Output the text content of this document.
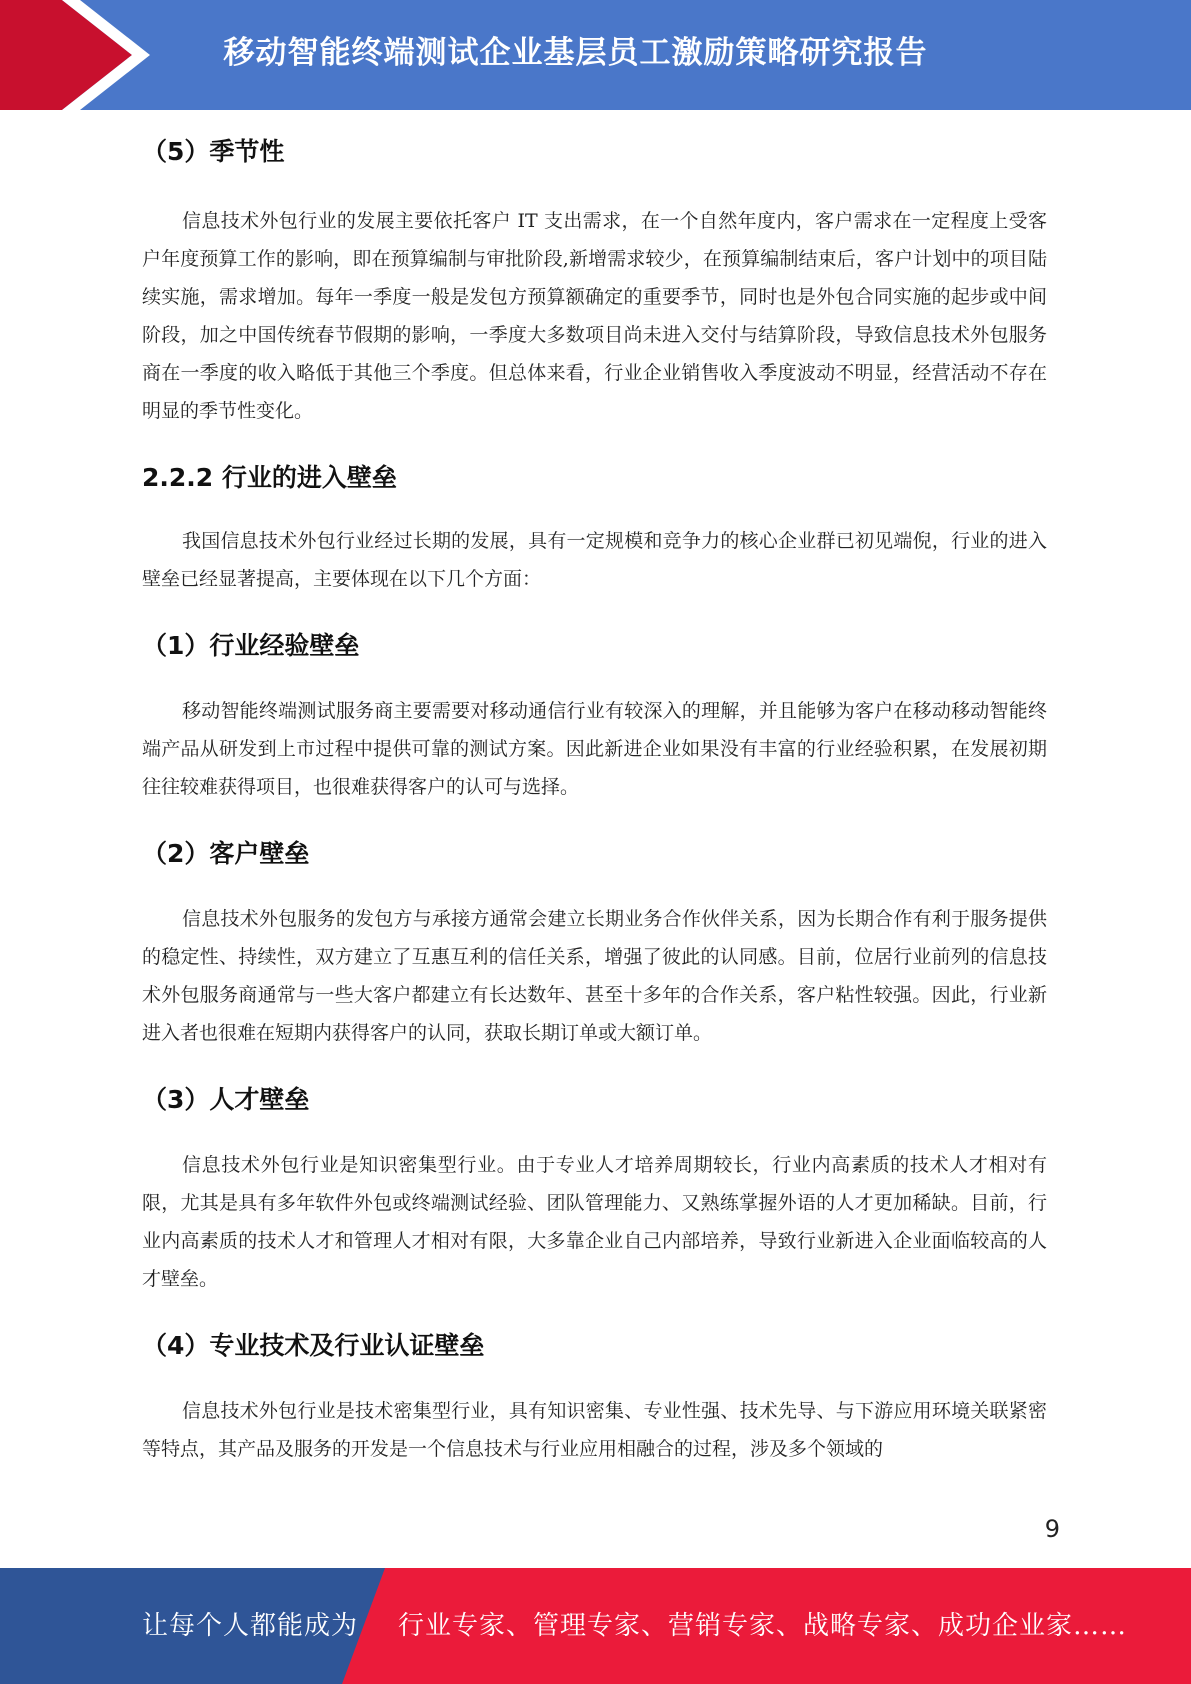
移动智能终端测试企业基层员工激励策略研究报告
（5）季节性

信息技术外包行业的发展主要依托客户 IT 支出需求，在一个自然年度内，客户需求在一定程度上受客户年度预算工作的影响，即在预算编制与审批阶段,新增需求较少，在预算编制结束后，客户计划中的项目陆续实施，需求增加。每年一季度一般是发包方预算额确定的重要季节，同时也是外包合同实施的起步或中间阶段，加之中国传统春节假期的影响，一季度大多数项目尚未进入交付与结算阶段，导致信息技术外包服务商在一季度的收入略低于其他三个季度。但总体来看，行业企业销售收入季度波动不明显，经营活动不存在明显的季节性变化。

2.2.2 行业的进入壁垒

我国信息技术外包行业经过长期的发展，具有一定规模和竞争力的核心企业群已初见端倪，行业的进入壁垒已经显著提高，主要体现在以下几个方面：

（1）行业经验壁垒

移动智能终端测试服务商主要需要对移动通信行业有较深入的理解，并且能够为客户在移动移动智能终端产品从研发到上市过程中提供可靠的测试方案。因此新进企业如果没有丰富的行业经验积累，在发展初期往往较难获得项目，也很难获得客户的认可与选择。

（2）客户壁垒

信息技术外包服务的发包方与承接方通常会建立长期业务合作伙伴关系，因为长期合作有利于服务提供的稳定性、持续性，双方建立了互惠互利的信任关系，增强了彼此的认同感。目前，位居行业前列的信息技术外包服务商通常与一些大客户都建立有长达数年、甚至十多年的合作关系，客户粘性较强。因此，行业新进入者也很难在短期内获得客户的认同，获取长期订单或大额订单。

（3）人才壁垒

信息技术外包行业是知识密集型行业。由于专业人才培养周期较长，行业内高素质的技术人才相对有限，尤其是具有多年软件外包或终端测试经验、团队管理能力、又熟练掌握外语的人才更加稀缺。目前，行业内高素质的技术人才和管理人才相对有限，大多靠企业自己内部培养，导致行业新进入企业面临较高的人才壁垒。

（4）专业技术及行业认证壁垒

信息技术外包行业是技术密集型行业，具有知识密集、专业性强、技术先导、与下游应用环境关联紧密等特点，其产品及服务的开发是一个信息技术与行业应用相融合的过程，涉及多个领域的

9
让每个人都能成为 行业专家、管理专家、营销专家、战略专家、成功企业家……
